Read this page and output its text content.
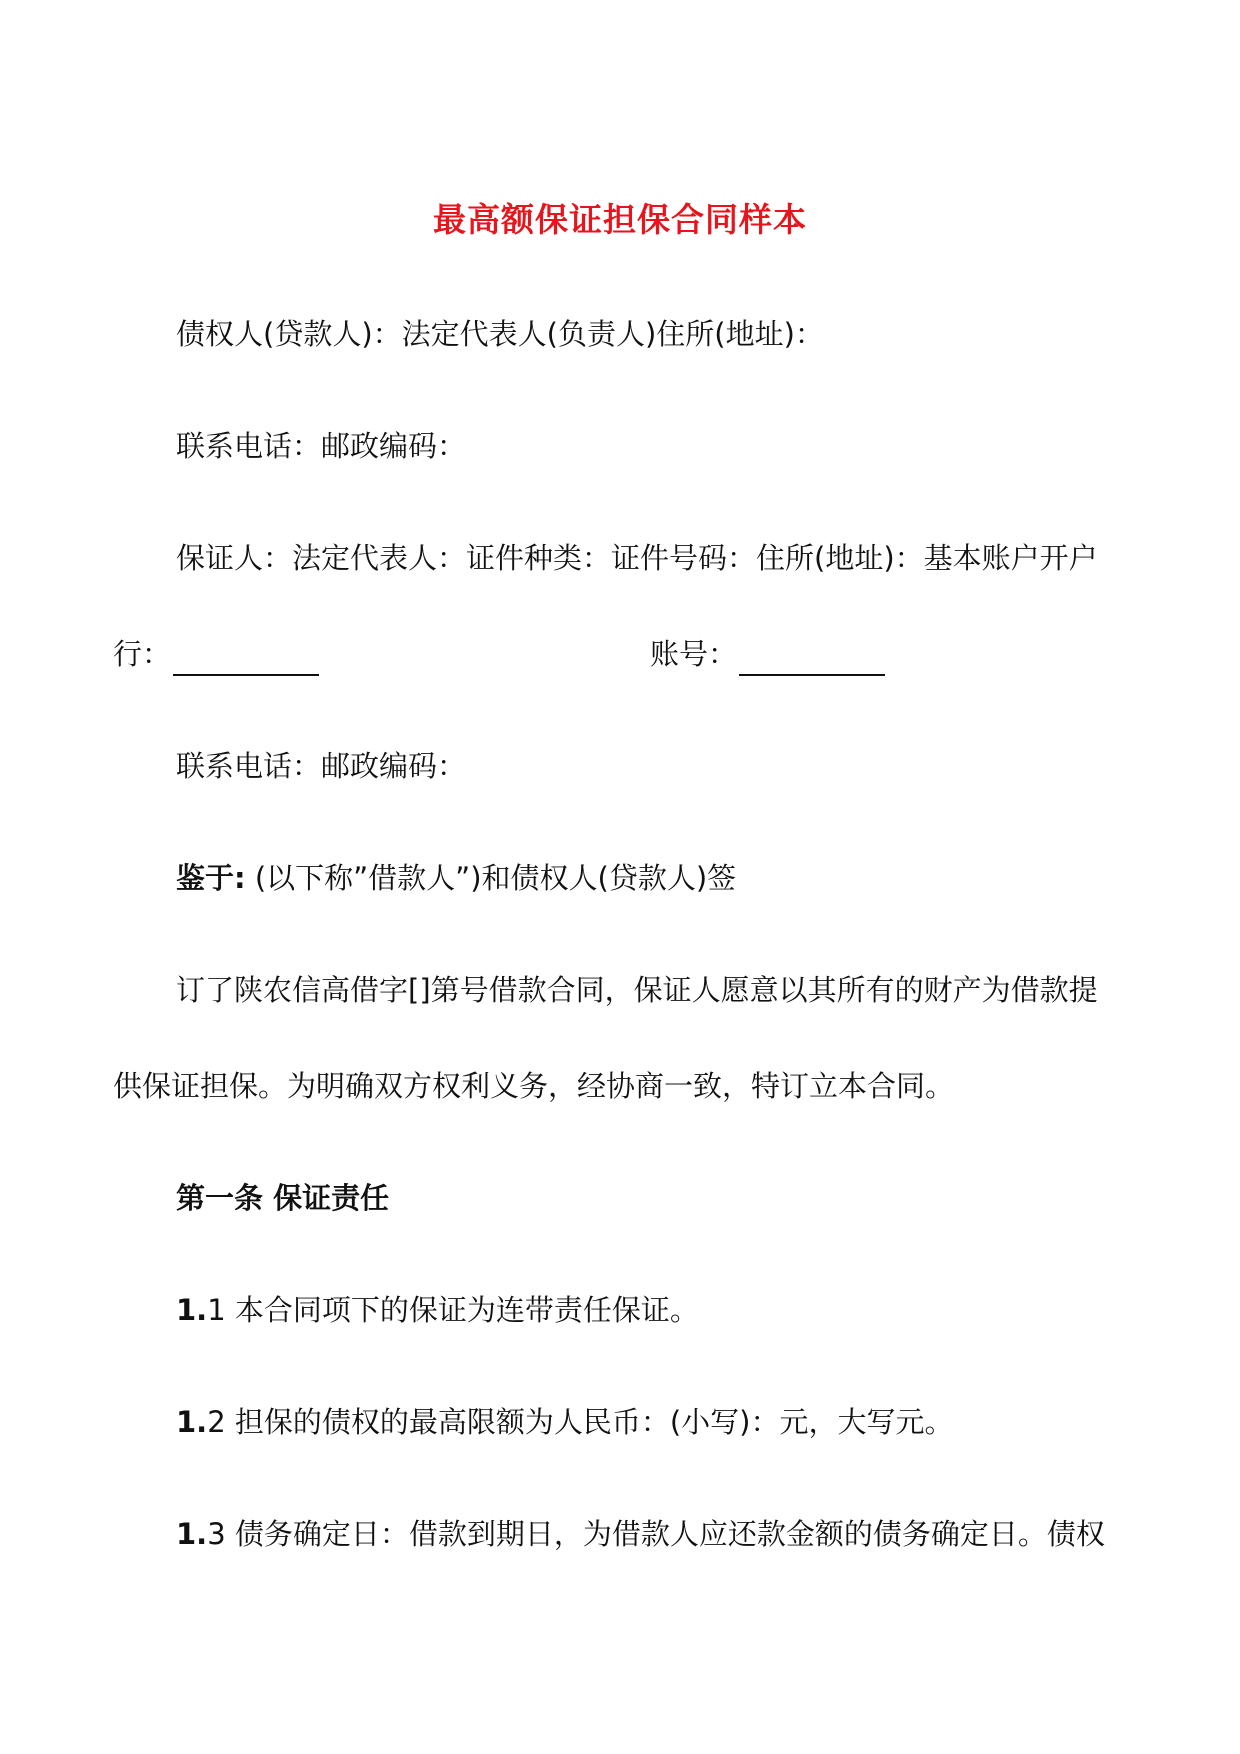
最高额保证担保合同样本
债权人(贷款人)：法定代表人(负责人)住所(地址)：
联系电话：邮政编码：
保证人：法定代表人：证件种类：证件号码：住所(地址)：基本账户开户
行：	账号：
联系电话：邮政编码：
鉴于: (以下称”借款人”)和债权人(贷款人)签
订了陕农信高借字[]第号借款合同，保证人愿意以其所有的财产为借款提
供保证担保。为明确双方权利义务，经协商一致，特订立本合同。
第一条 保证责任
1.1 本合同项下的保证为连带责任保证。
1.2 担保的债权的最高限额为人民币：(小写)：元，大写元。
1.3 债务确定日：借款到期日，为借款人应还款金额的债务确定日。债权
